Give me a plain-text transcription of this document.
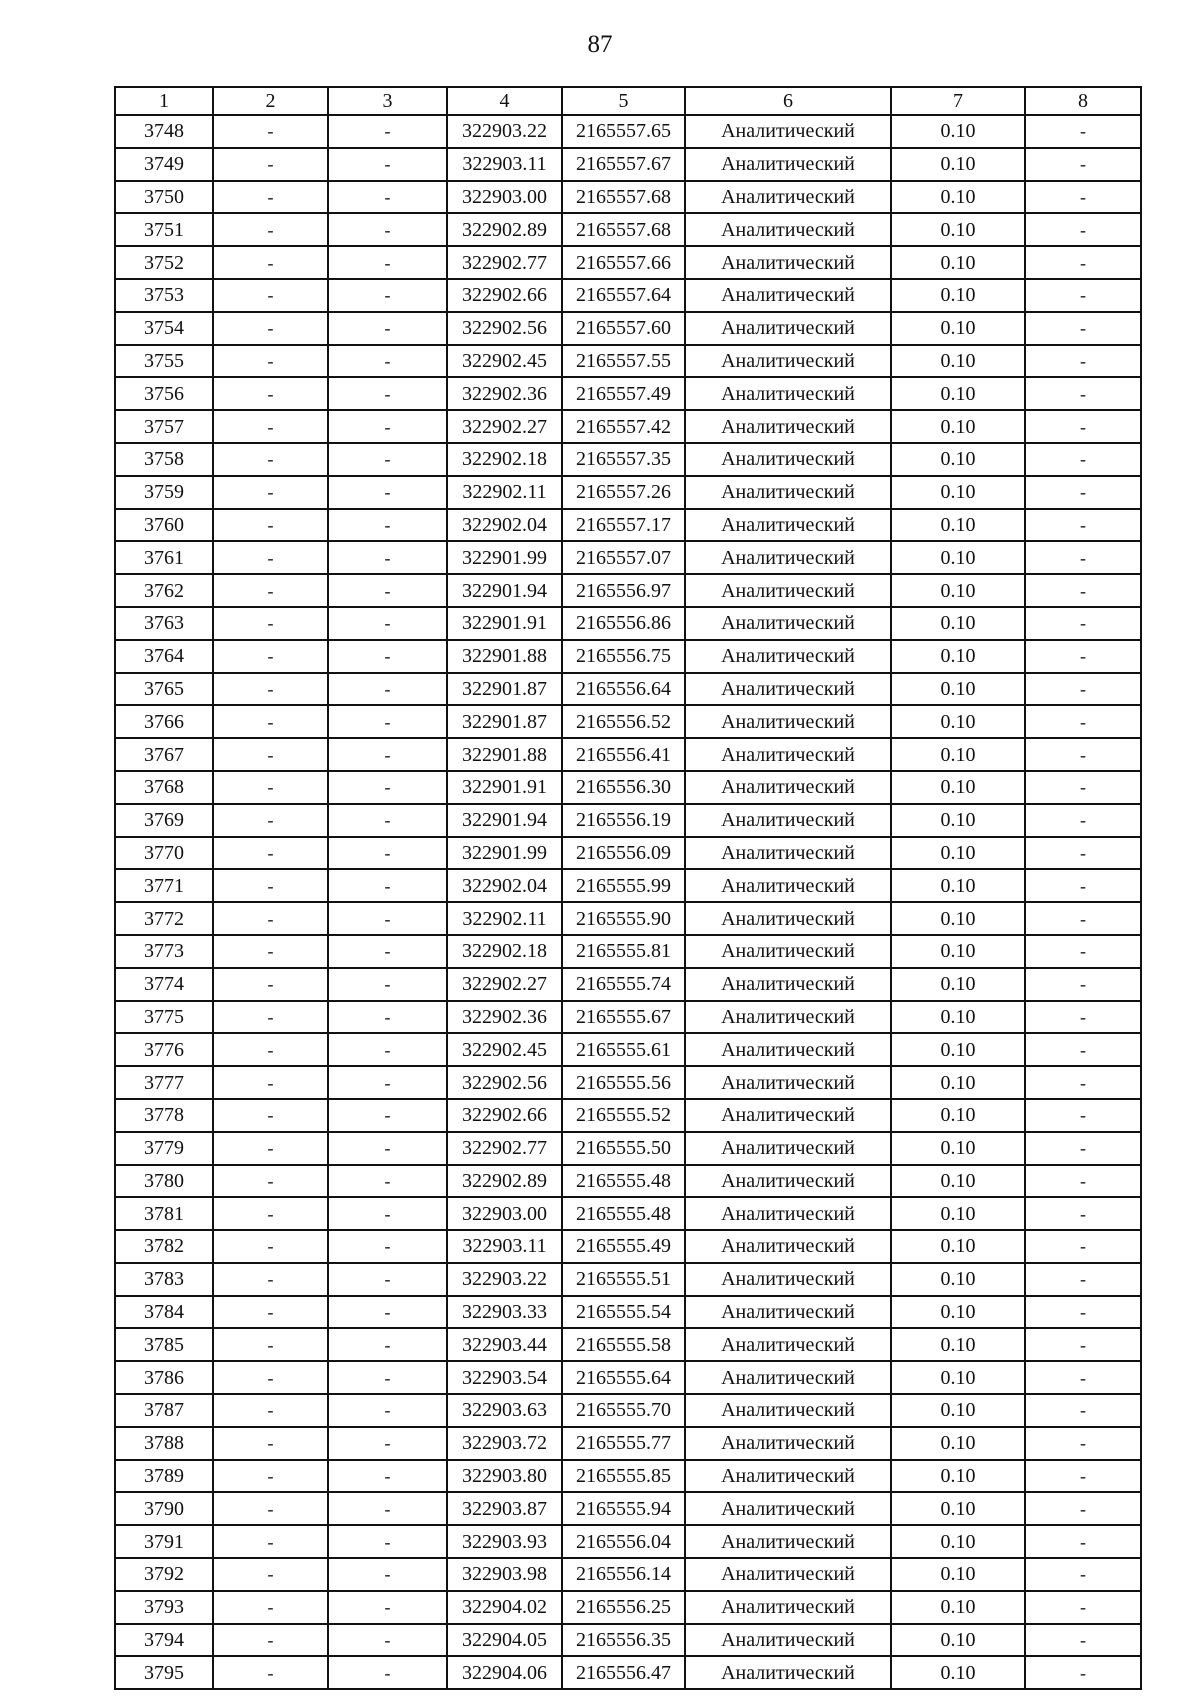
87
1	2	3	4	5	6	7	8
3748	-	-	322903.22	2165557.65	Аналитический	0.10	-
3749	-	-	322903.11	2165557.67	Аналитический	0.10	-
3750	-	-	322903.00	2165557.68	Аналитический	0.10	-
3751	-	-	322902.89	2165557.68	Аналитический	0.10	-
3752	-	-	322902.77	2165557.66	Аналитический	0.10	-
3753	-	-	322902.66	2165557.64	Аналитический	0.10	-
3754	-	-	322902.56	2165557.60	Аналитический	0.10	-
3755	-	-	322902.45	2165557.55	Аналитический	0.10	-
3756	-	-	322902.36	2165557.49	Аналитический	0.10	-
3757	-	-	322902.27	2165557.42	Аналитический	0.10	-
3758	-	-	322902.18	2165557.35	Аналитический	0.10	-
3759	-	-	322902.11	2165557.26	Аналитический	0.10	-
3760	-	-	322902.04	2165557.17	Аналитический	0.10	-
3761	-	-	322901.99	2165557.07	Аналитический	0.10	-
3762	-	-	322901.94	2165556.97	Аналитический	0.10	-
3763	-	-	322901.91	2165556.86	Аналитический	0.10	-
3764	-	-	322901.88	2165556.75	Аналитический	0.10	-
3765	-	-	322901.87	2165556.64	Аналитический	0.10	-
3766	-	-	322901.87	2165556.52	Аналитический	0.10	-
3767	-	-	322901.88	2165556.41	Аналитический	0.10	-
3768	-	-	322901.91	2165556.30	Аналитический	0.10	-
3769	-	-	322901.94	2165556.19	Аналитический	0.10	-
3770	-	-	322901.99	2165556.09	Аналитический	0.10	-
3771	-	-	322902.04	2165555.99	Аналитический	0.10	-
3772	-	-	322902.11	2165555.90	Аналитический	0.10	-
3773	-	-	322902.18	2165555.81	Аналитический	0.10	-
3774	-	-	322902.27	2165555.74	Аналитический	0.10	-
3775	-	-	322902.36	2165555.67	Аналитический	0.10	-
3776	-	-	322902.45	2165555.61	Аналитический	0.10	-
3777	-	-	322902.56	2165555.56	Аналитический	0.10	-
3778	-	-	322902.66	2165555.52	Аналитический	0.10	-
3779	-	-	322902.77	2165555.50	Аналитический	0.10	-
3780	-	-	322902.89	2165555.48	Аналитический	0.10	-
3781	-	-	322903.00	2165555.48	Аналитический	0.10	-
3782	-	-	322903.11	2165555.49	Аналитический	0.10	-
3783	-	-	322903.22	2165555.51	Аналитический	0.10	-
3784	-	-	322903.33	2165555.54	Аналитический	0.10	-
3785	-	-	322903.44	2165555.58	Аналитический	0.10	-
3786	-	-	322903.54	2165555.64	Аналитический	0.10	-
3787	-	-	322903.63	2165555.70	Аналитический	0.10	-
3788	-	-	322903.72	2165555.77	Аналитический	0.10	-
3789	-	-	322903.80	2165555.85	Аналитический	0.10	-
3790	-	-	322903.87	2165555.94	Аналитический	0.10	-
3791	-	-	322903.93	2165556.04	Аналитический	0.10	-
3792	-	-	322903.98	2165556.14	Аналитический	0.10	-
3793	-	-	322904.02	2165556.25	Аналитический	0.10	-
3794	-	-	322904.05	2165556.35	Аналитический	0.10	-
3795	-	-	322904.06	2165556.47	Аналитический	0.10	-
